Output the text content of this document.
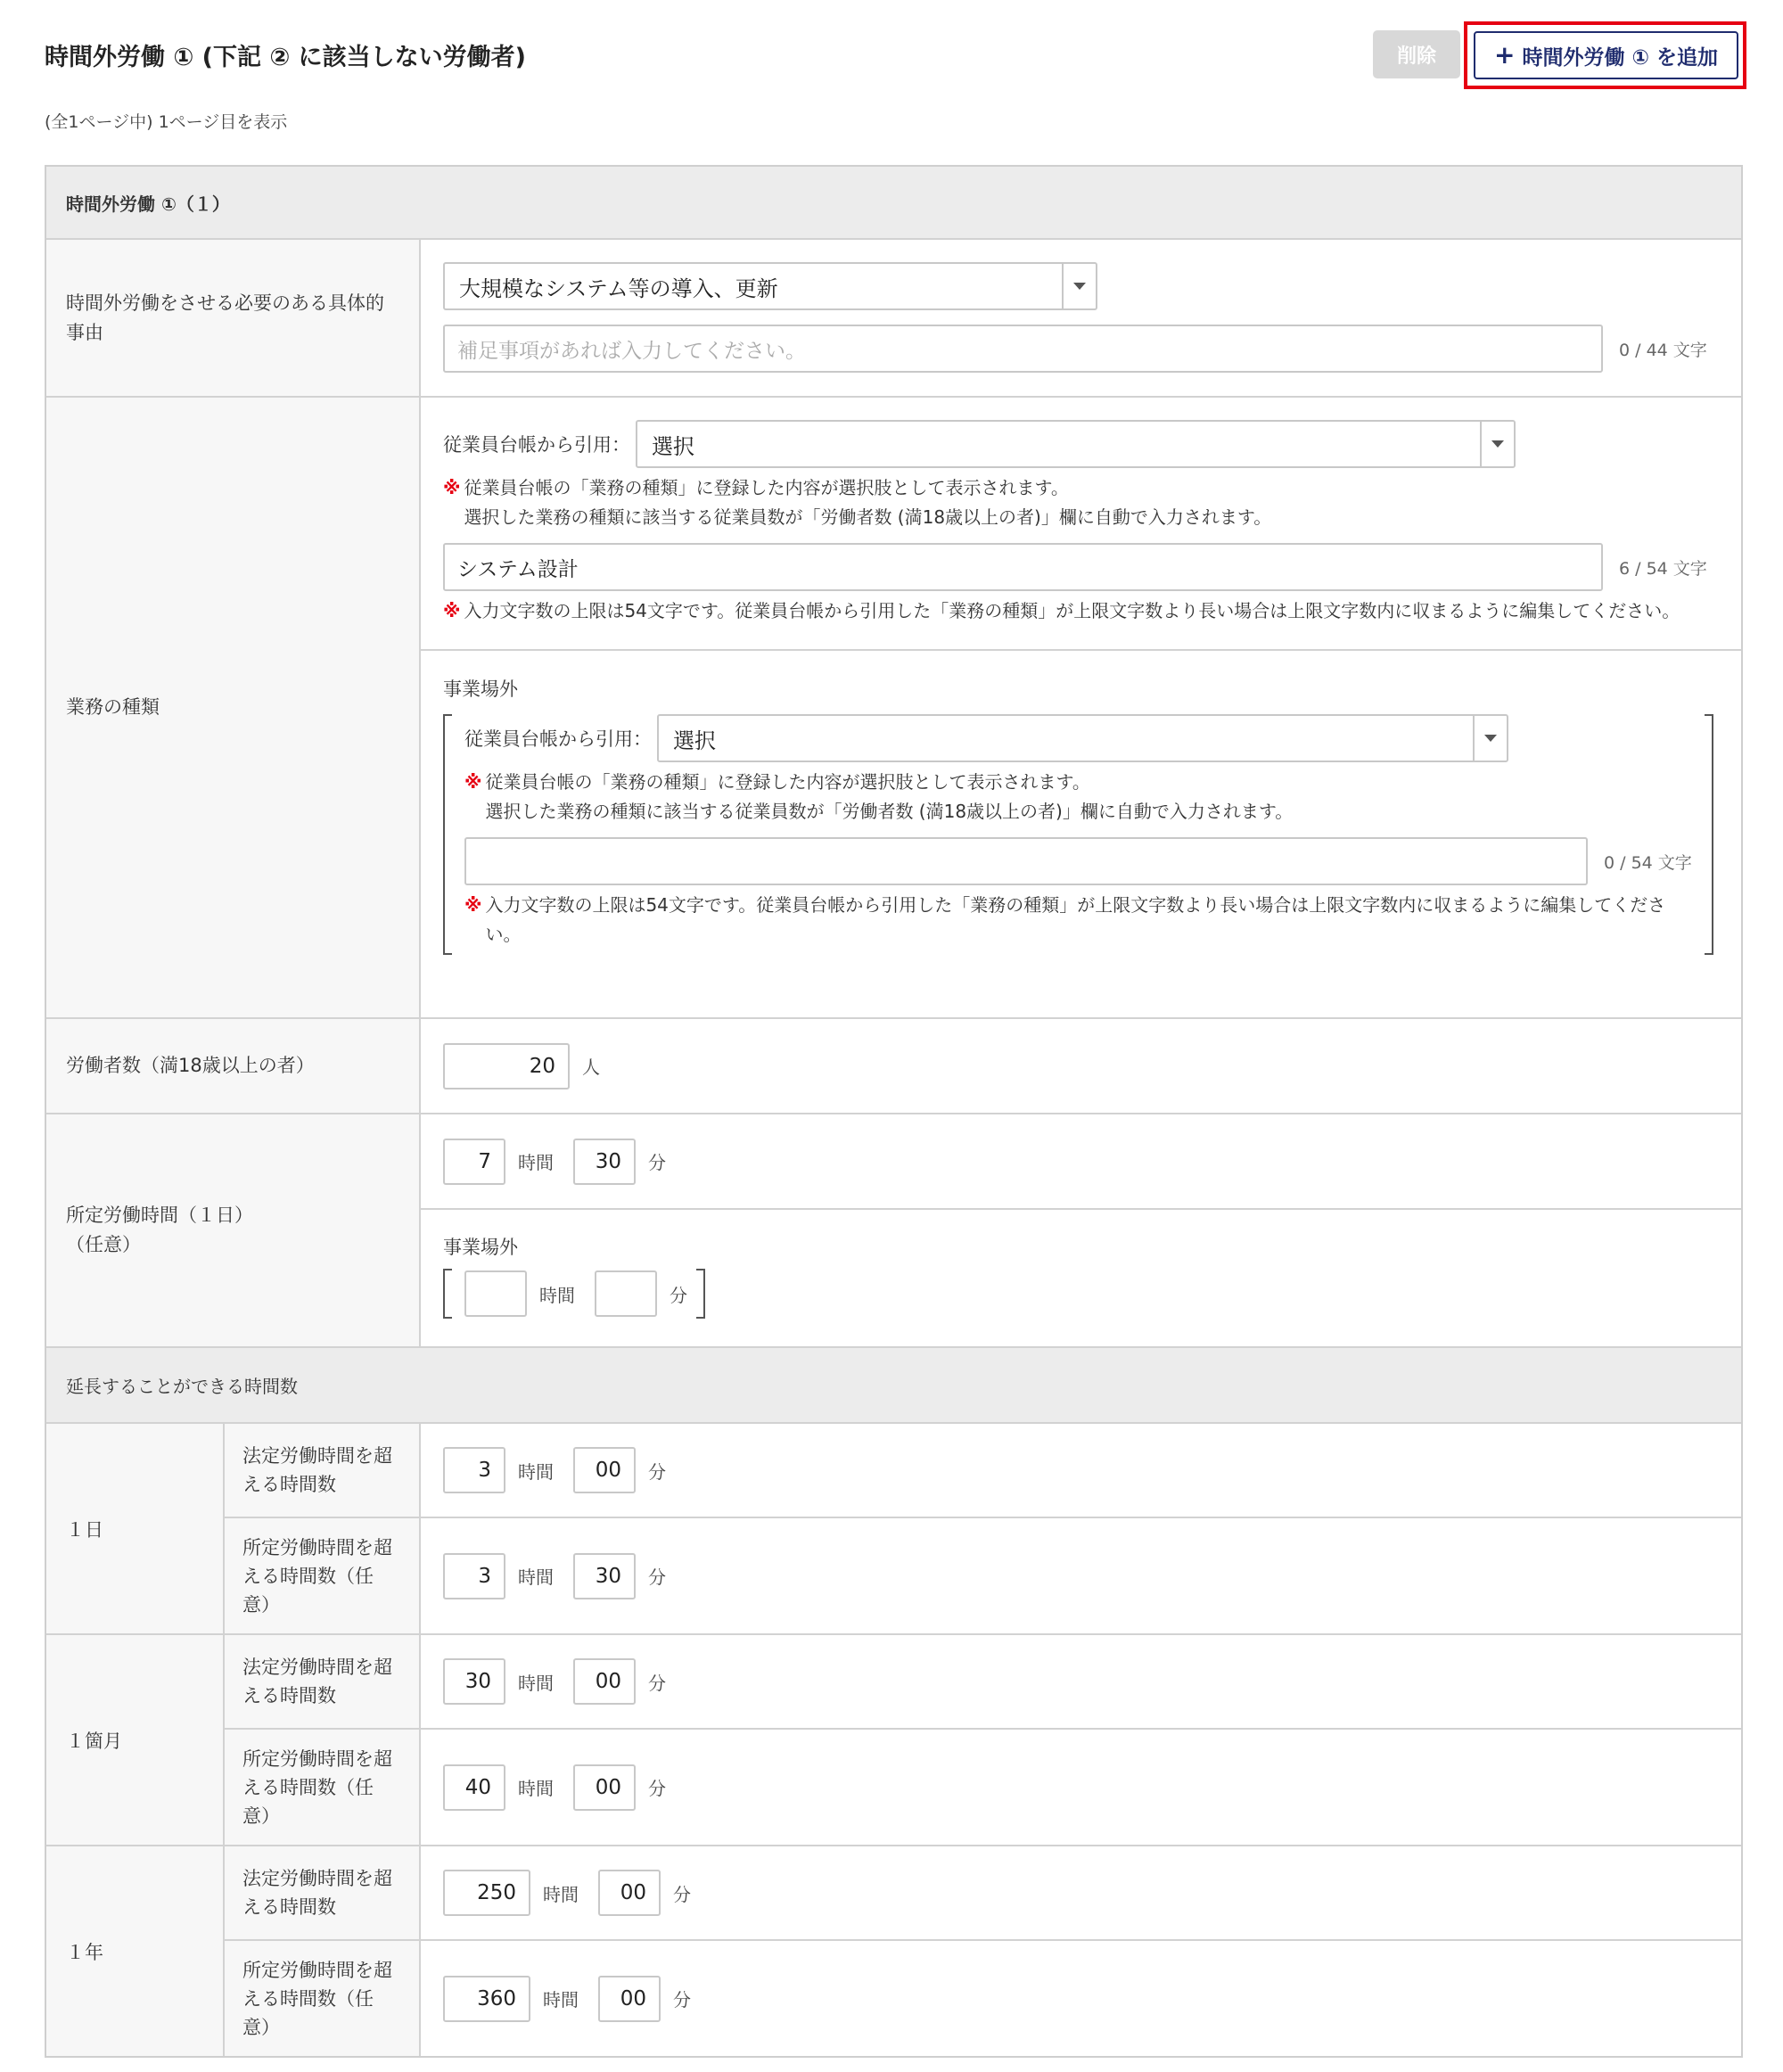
時間外労働 ① (下記 ② に該当しない労働者)	削除	+ 時間外労働 ① を追加
(全1ページ中) 1ページ目を表示
時間外労働 ①（１）
時間外労働をさせる必要のある具体的事由
大規模なシステム等の導入、更新
補足事項があれば入力してください。	0 / 44 文字
業務の種類
従業員台帳から引用： 選択
※ 従業員台帳の「業務の種類」に登録した内容が選択肢として表示されます。
選択した業務の種類に該当する従業員数が「労働者数 (満18歳以上の者)」欄に自動で入力されます。
システム設計	6 / 54 文字
※ 入力文字数の上限は54文字です。従業員台帳から引用した「業務の種類」が上限文字数より長い場合は上限文字数内に収まるように編集してください。
事業場外
従業員台帳から引用： 選択
※ 従業員台帳の「業務の種類」に登録した内容が選択肢として表示されます。
選択した業務の種類に該当する従業員数が「労働者数 (満18歳以上の者)」欄に自動で入力されます。
0 / 54 文字
※ 入力文字数の上限は54文字です。従業員台帳から引用した「業務の種類」が上限文字数より長い場合は上限文字数内に収まるように編集してください。
労働者数（満18歳以上の者）	20	人
所定労働時間（１日）
（任意）
7	時間	30	分
事業場外
時間	分
延長することができる時間数
１日
法定労働時間を超える時間数
3	時間	00	分
所定労働時間を超える時間数（任意）
3	時間	30	分
１箇月
法定労働時間を超える時間数
30	時間	00	分
所定労働時間を超える時間数（任意）
40	時間	00	分
１年
法定労働時間を超える時間数
250	時間	00	分
所定労働時間を超える時間数（任意）
360	時間	00	分
